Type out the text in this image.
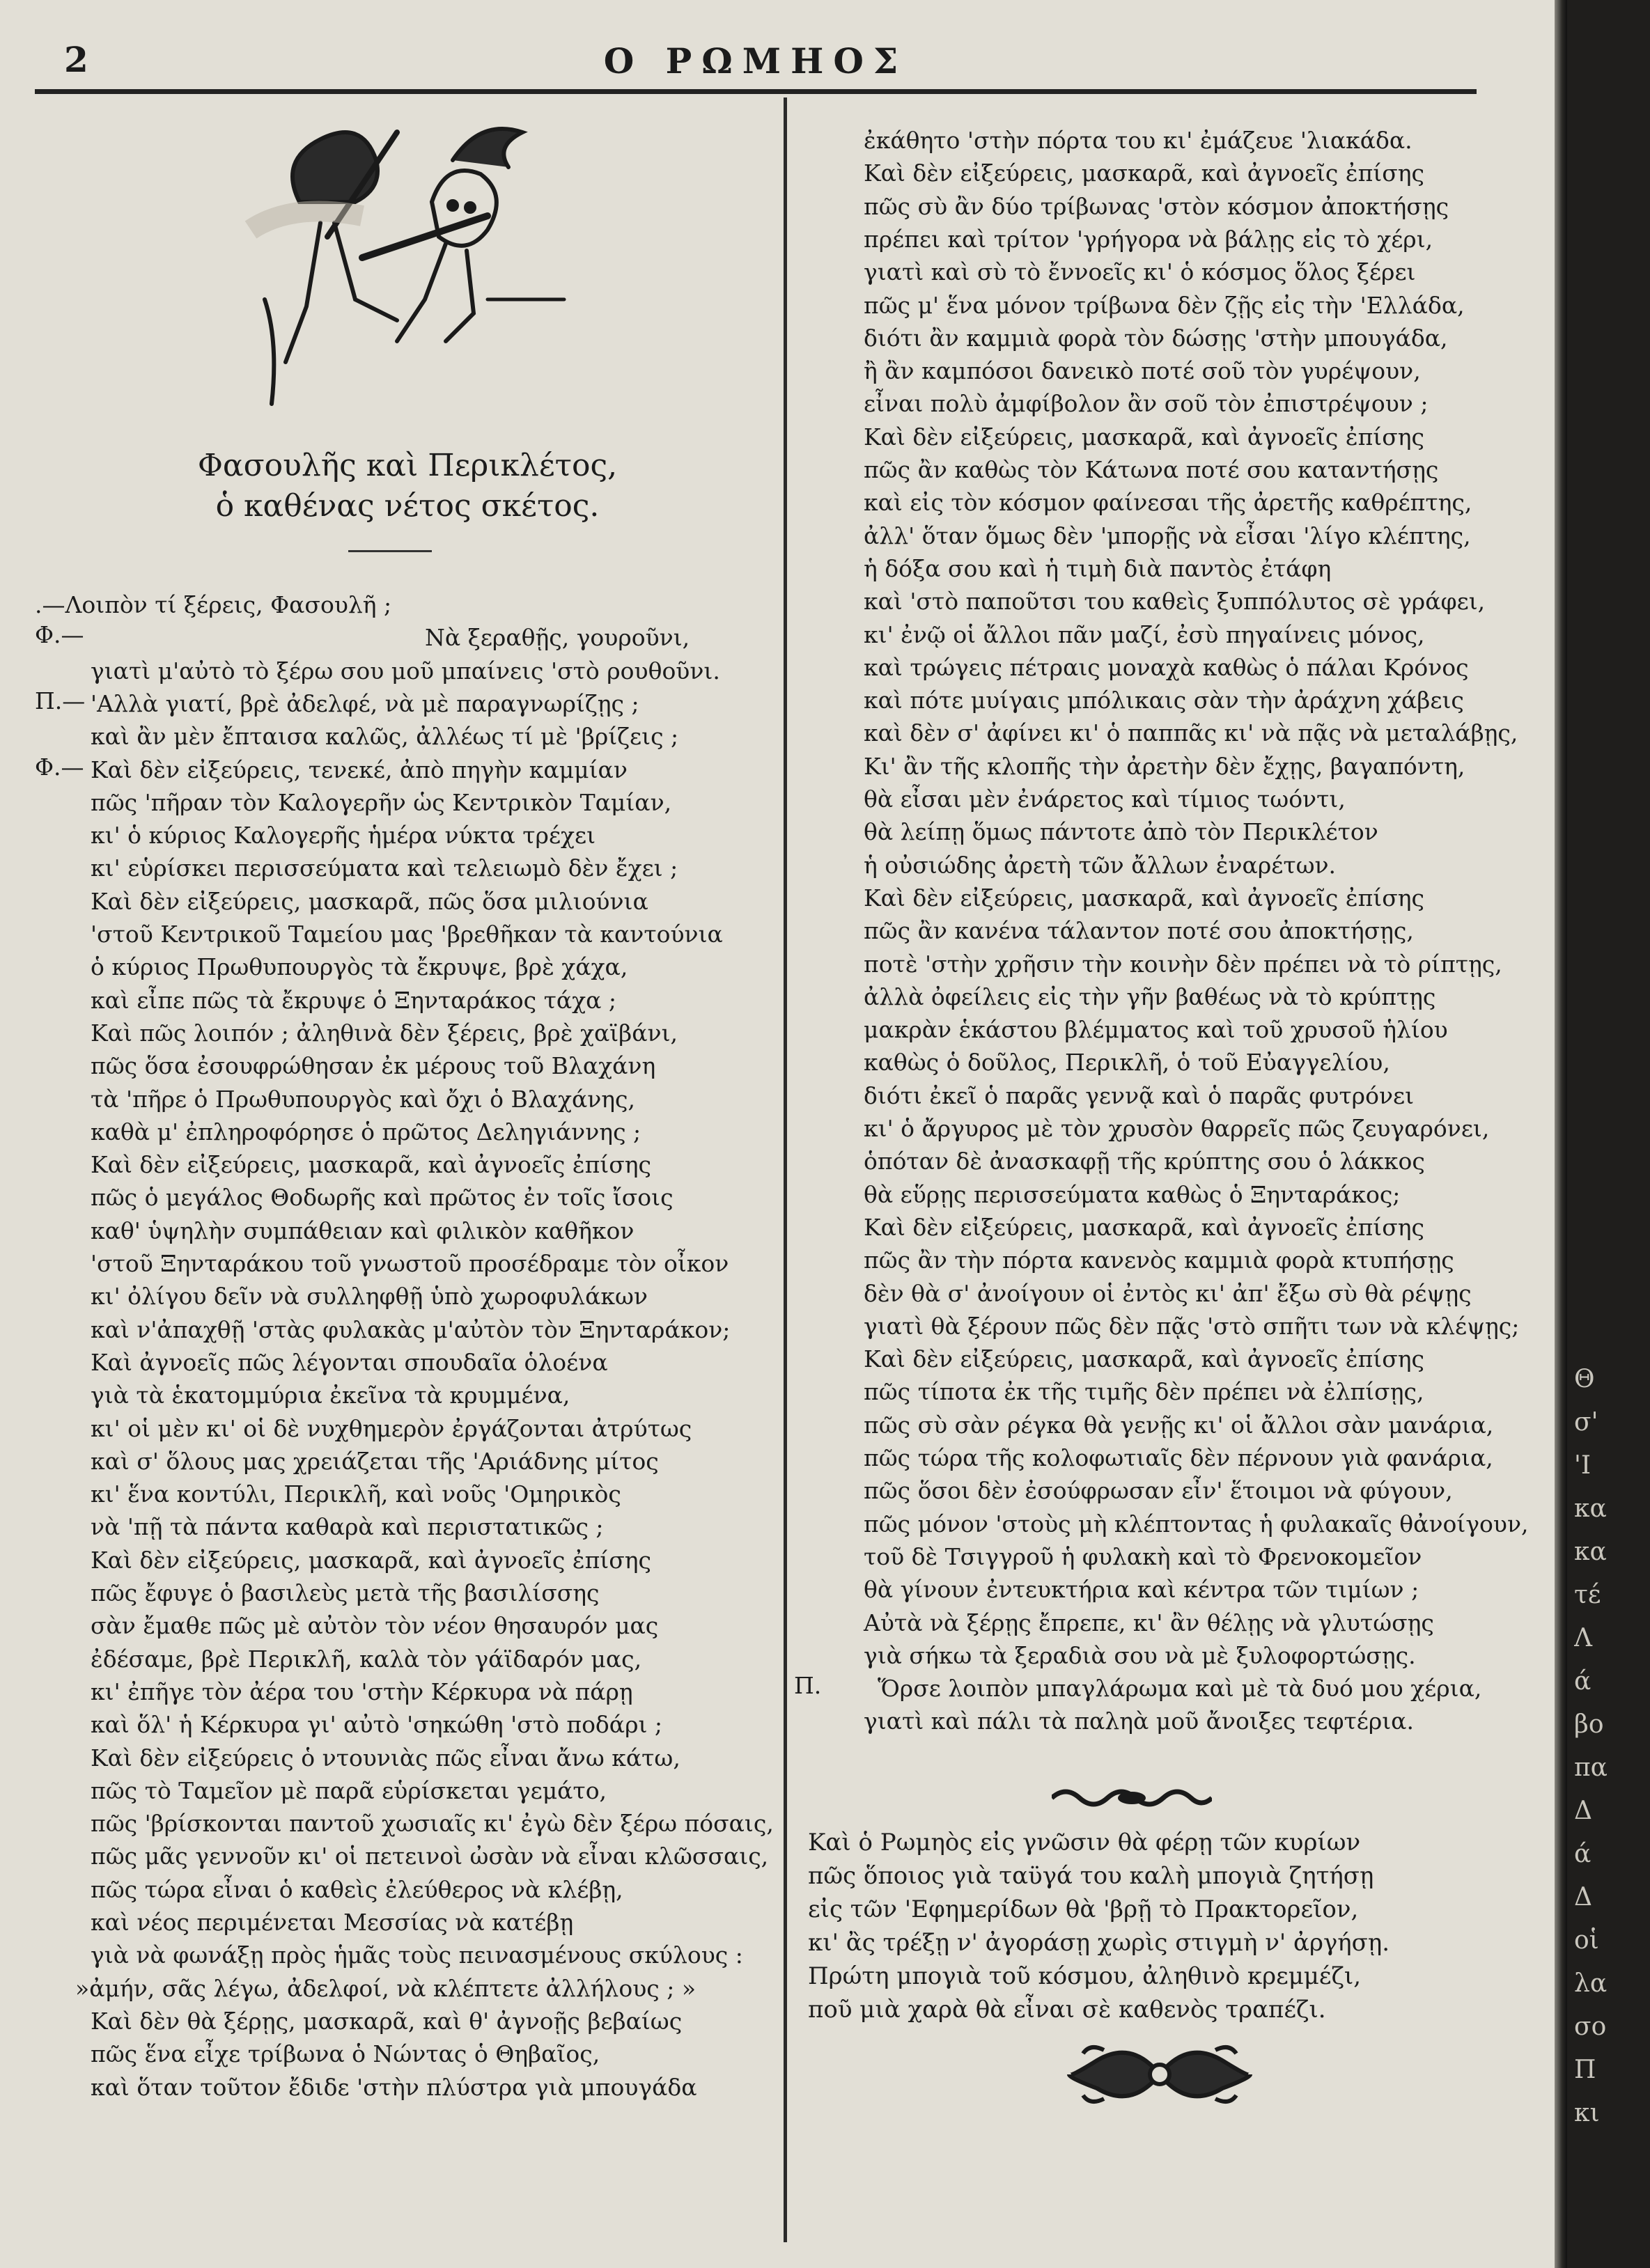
2	Ο ΡΩΜΗΟΣ
Φασουλῆς καὶ Περικλέτος,
ὁ καθένας νέτος σκέτος.
.—Λοιπὸν τί ξέρεις, Φασουλῆ ;
Φ.—	Νὰ ξεραθῇς, γουροῦνι,
γιατὶ μ'αὐτὸ τὸ ξέρω σου μοῦ μπαίνεις 'στὸ ρουθοῦνι.
Π.— 'Αλλὰ γιατί, βρὲ ἀδελφέ, νὰ μὲ παραγνωρίζῃς ;
καὶ ἂν μὲν ἔπταισα καλῶς, ἀλλέως τί μὲ 'βρίζεις ;
Φ.— Καὶ δὲν εἰξεύρεις, τενεκέ, ἀπὸ πηγὴν καμμίαν
πῶς 'πῆραν τὸν Καλογερῆν ὡς Κεντρικὸν Ταμίαν,
κι' ὁ κύριος Καλογερῆς ἡμέρα νύκτα τρέχει
κι' εὑρίσκει περισσεύματα καὶ τελειωμὸ δὲν ἔχει ;
Καὶ δὲν εἰξεύρεις, μασκαρᾶ, πῶς ὅσα μιλιούνια
'στοῦ Κεντρικοῦ Ταμείου μας 'βρεθῆκαν τὰ καντούνια
ὁ κύριος Πρωθυπουργὸς τὰ ἔκρυψε, βρὲ χάχα,
καὶ εἶπε πῶς τὰ ἔκρυψε ὁ Ξηνταράκος τάχα ;
Καὶ πῶς λοιπόν ; ἀληθινὰ δὲν ξέρεις, βρὲ χαϊβάνι,
πῶς ὅσα ἐσουφρώθησαν ἐκ μέρους τοῦ Βλαχάνη
τὰ 'πῆρε ὁ Πρωθυπουργὸς καὶ ὄχι ὁ Βλαχάνης,
καθὰ μ' ἐπληροφόρησε ὁ πρῶτος Δεληγιάννης ;
Καὶ δὲν εἰξεύρεις, μασκαρᾶ, καὶ ἀγνοεῖς ἐπίσης
πῶς ὁ μεγάλος Θοδωρῆς καὶ πρῶτος ἐν τοῖς ἴσοις
καθ' ὑψηλὴν συμπάθειαν καὶ φιλικὸν καθῆκον
'στοῦ Ξηνταράκου τοῦ γνωστοῦ προσέδραμε τὸν οἶκον
κι' ὀλίγου δεῖν νὰ συλληφθῇ ὑπὸ χωροφυλάκων
καὶ ν'ἀπαχθῇ 'στὰς φυλακὰς μ'αὐτὸν τὸν Ξηνταράκον;
Καὶ ἀγνοεῖς πῶς λέγονται σπουδαῖα ὁλοένα
γιὰ τὰ ἑκατομμύρια ἐκεῖνα τὰ κρυμμένα,
κι' οἱ μὲν κι' οἱ δὲ νυχθημερὸν ἐργάζονται ἀτρύτως
καὶ σ' ὅλους μας χρειάζεται τῆς 'Αριάδνης μίτος
κι' ἕνα κοντύλι, Περικλῆ, καὶ νοῦς 'Ομηρικὸς
νὰ 'πῇ τὰ πάντα καθαρὰ καὶ περιστατικῶς ;
Καὶ δὲν εἰξεύρεις, μασκαρᾶ, καὶ ἀγνοεῖς ἐπίσης
πῶς ἔφυγε ὁ βασιλεὺς μετὰ τῆς βασιλίσσης
σὰν ἔμαθε πῶς μὲ αὐτὸν τὸν νέον θησαυρόν μας
ἐδέσαμε, βρὲ Περικλῆ, καλὰ τὸν γάϊδαρόν μας,
κι' ἐπῆγε τὸν ἀέρα του 'στὴν Κέρκυρα νὰ πάρῃ
καὶ ὅλ' ἡ Κέρκυρα γι' αὐτὸ 'σηκώθη 'στὸ ποδάρι ;
Καὶ δὲν εἰξεύρεις ὁ ντουνιὰς πῶς εἶναι ἄνω κάτω,
πῶς τὸ Ταμεῖον μὲ παρᾶ εὑρίσκεται γεμάτο,
πῶς 'βρίσκονται παντοῦ χωσιαῖς κι' ἐγὼ δὲν ξέρω πόσαις,
πῶς μᾶς γεννοῦν κι' οἱ πετεινοὶ ὠσὰν νὰ εἶναι κλῶσσαις,
πῶς τώρα εἶναι ὁ καθεὶς ἐλεύθερος νὰ κλέβῃ,
καὶ νέος περιμένεται Μεσσίας νὰ κατέβῃ
γιὰ νὰ φωνάξῃ πρὸς ἡμᾶς τοὺς πεινασμένους σκύλους :
»ἀμήν, σᾶς λέγω, ἀδελφοί, νὰ κλέπτετε ἀλλήλους ; »
Καὶ δὲν θὰ ξέρῃς, μασκαρᾶ, καὶ θ' ἀγνοῇς βεβαίως
πῶς ἕνα εἶχε τρίβωνα ὁ Νώντας ὁ Θηβαῖος,
καὶ ὅταν τοῦτον ἔδιδε 'στὴν πλύστρα γιὰ μπουγάδα
ἐκάθητο 'στὴν πόρτα του κι' ἐμάζευε 'λιακάδα.
Καὶ δὲν εἰξεύρεις, μασκαρᾶ, καὶ ἀγνοεῖς ἐπίσης
πῶς σὺ ἂν δύο τρίβωνας 'στὸν κόσμον ἀποκτήσῃς
πρέπει καὶ τρίτον 'γρήγορα νὰ βάλῃς εἰς τὸ χέρι,
γιατὶ καὶ σὺ τὸ ἔννοεῖς κι' ὁ κόσμος ὅλος ξέρει
πῶς μ' ἕνα μόνον τρίβωνα δὲν ζῇς εἰς τὴν 'Ελλάδα,
διότι ἂν καμμιὰ φορὰ τὸν δώσῃς 'στὴν μπουγάδα,
ἢ ἂν καμπόσοι δανεικὸ ποτέ σοῦ τὸν γυρέψουν,
εἶναι πολὺ ἀμφίβολον ἂν σοῦ τὸν ἐπιστρέψουν ;
Καὶ δὲν εἰξεύρεις, μασκαρᾶ, καὶ ἀγνοεῖς ἐπίσης
πῶς ἂν καθὼς τὸν Κάτωνα ποτέ σου καταντήσῃς
καὶ εἰς τὸν κόσμον φαίνεσαι τῆς ἀρετῆς καθρέπτης,
ἀλλ' ὅταν ὅμως δὲν 'μπορῇς νὰ εἶσαι 'λίγο κλέπτης,
ἡ δόξα σου καὶ ἡ τιμὴ διὰ παντὸς ἐτάφη
καὶ 'στὸ παποῦτσι του καθεὶς ξυππόλυτος σὲ γράφει,
κι' ἐνῷ οἱ ἄλλοι πᾶν μαζί, ἐσὺ πηγαίνεις μόνος,
καὶ τρώγεις πέτραις μοναχὰ καθὼς ὁ πάλαι Κρόνος
καὶ πότε μυίγαις μπόλικαις σὰν τὴν ἀράχνη χάβεις
καὶ δὲν σ' ἀφίνει κι' ὁ παππᾶς κι' νὰ πᾷς νὰ μεταλάβῃς,
Κι' ἂν τῆς κλοπῆς τὴν ἀρετὴν δὲν ἔχῃς, βαγαπόντη,
θὰ εἶσαι μὲν ἐνάρετος καὶ τίμιος τωόντι,
θὰ λείπῃ ὅμως πάντοτε ἀπὸ τὸν Περικλέτον
ἡ οὐσιώδης ἀρετὴ τῶν ἄλλων ἐναρέτων.
Καὶ δὲν εἰξεύρεις, μασκαρᾶ, καὶ ἀγνοεῖς ἐπίσης
πῶς ἂν κανένα τάλαντον ποτέ σου ἀποκτήσῃς,
ποτὲ 'στὴν χρῆσιν τὴν κοινὴν δὲν πρέπει νὰ τὸ ρίπτῃς,
ἀλλὰ ὀφείλεις εἰς τὴν γῆν βαθέως νὰ τὸ κρύπτῃς
μακρὰν ἑκάστου βλέμματος καὶ τοῦ χρυσοῦ ἡλίου
καθὼς ὁ δοῦλος, Περικλῆ, ὁ τοῦ Εὐαγγελίου,
διότι ἐκεῖ ὁ παρᾶς γεννᾷ καὶ ὁ παρᾶς φυτρόνει
κι' ὁ ἄργυρος μὲ τὸν χρυσὸν θαρρεῖς πῶς ζευγαρόνει,
ὁπόταν δὲ ἀνασκαφῇ τῆς κρύπτης σου ὁ λάκκος
θὰ εὕρῃς περισσεύματα καθὼς ὁ Ξηνταράκος;
Καὶ δὲν εἰξεύρεις, μασκαρᾶ, καὶ ἀγνοεῖς ἐπίσης
πῶς ἂν τὴν πόρτα κανενὸς καμμιὰ φορὰ κτυπήσῃς
δὲν θὰ σ' ἀνοίγουν οἱ ἐντὸς κι' ἀπ' ἔξω σὺ θὰ ρέψῃς
γιατὶ θὰ ξέρουν πῶς δὲν πᾷς 'στὸ σπῆτι των νὰ κλέψῃς;
Καὶ δὲν εἰξεύρεις, μασκαρᾶ, καὶ ἀγνοεῖς ἐπίσης
πῶς τίποτα ἐκ τῆς τιμῆς δὲν πρέπει νὰ ἐλπίσῃς,
πῶς σὺ σὰν ρέγκα θὰ γενῇς κι' οἱ ἄλλοι σὰν μανάρια,
πῶς τώρα τῆς κολοφωτιαῖς δὲν πέρνουν γιὰ φανάρια,
πῶς ὅσοι δὲν ἐσούφρωσαν εἶν' ἕτοιμοι νὰ φύγουν,
πῶς μόνον 'στοὺς μὴ κλέπτοντας ἡ φυλακαῖς θἀνοίγουν,
τοῦ δὲ Τσιγγροῦ ἡ φυλακὴ καὶ τὸ Φρενοκομεῖον
θὰ γίνουν ἐντευκτήρια καὶ κέντρα τῶν τιμίων ;
Αὐτὰ νὰ ξέρῃς ἔπρεπε, κι' ἂν θέλῃς νὰ γλυτώσῃς
γιὰ σήκω τὰ ξεραδιὰ σου νὰ μὲ ξυλοφορτώσῃς.
Π. Ὅρσε λοιπὸν μπαγλάρωμα καὶ μὲ τὰ δυό μου χέρια,
γιατὶ καὶ πάλι τὰ παληὰ μοῦ ἄνοιξες τεφτέρια.
Καὶ ὁ Ρωμηὸς εἰς γνῶσιν θὰ φέρῃ τῶν κυρίων
πῶς ὅποιος γιὰ ταϋγά του καλὴ μπογιὰ ζητήσῃ
εἰς τῶν 'Εφημερίδων θὰ 'βρῇ τὸ Πρακτορεῖον,
κι' ἂς τρέξῃ ν' ἀγοράσῃ χωρὶς στιγμὴ ν' ἀργήσῃ.
Πρώτη μπογιὰ τοῦ κόσμου, ἀληθινὸ κρεμμέζι,
ποῦ μιὰ χαρὰ θὰ εἶναι σὲ καθενὸς τραπέζι.
Θ
σ'
'Ι
κα
κα
τέ
Λ
ά
βο
πα
Δ
ά
Δ
οἱ
λα
σο
Π
κι
